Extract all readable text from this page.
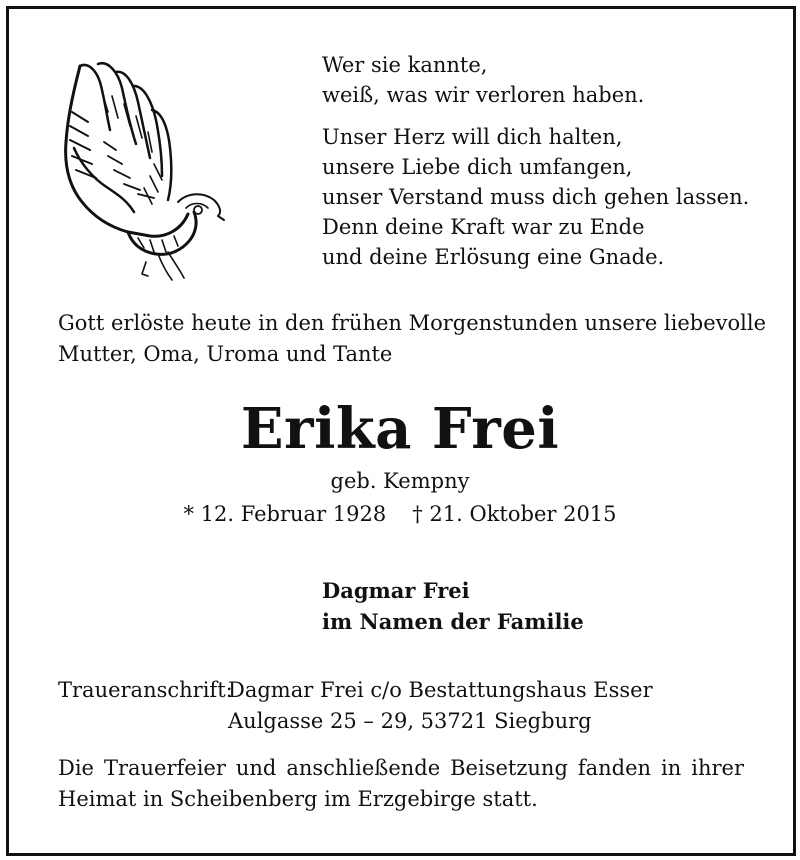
Wer sie kannte,
weiß, was wir verloren haben.
Unser Herz will dich halten,
unsere Liebe dich umfangen,
unser Verstand muss dich gehen lassen.
Denn deine Kraft war zu Ende
und deine Erlösung eine Gnade.
Gott erlöste heute in den frühen Morgenstunden unsere liebevolle
Mutter, Oma, Uroma und Tante
Erika Frei
geb. Kempny
* 12. Februar 1928 † 21. Oktober 2015
Dagmar Frei
im Namen der Familie
Traueranschrift:Dagmar Frei c/o Bestattungshaus Esser
Aulgasse 25 – 29, 53721 Siegburg
Die Trauerfeier und anschließende Beisetzung fanden in ihrer
Heimat in Scheibenberg im Erzgebirge statt.
